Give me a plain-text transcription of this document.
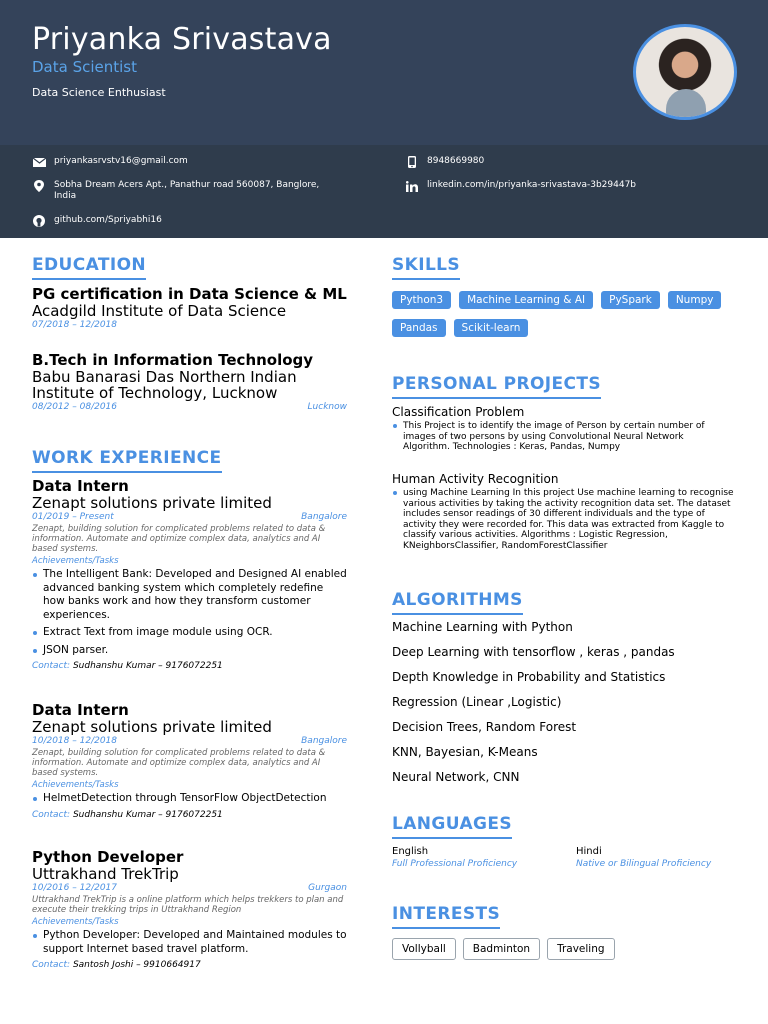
Priyanka Srivastava
Data Scientist
Data Science Enthusiast
priyankasrvstv16@gmail.com
Sobha Dream Acers Apt., Panathur road 560087, Banglore, India
github.com/Spriyabhi16
8948669980
linkedin.com/in/priyanka-srivastava-3b29447b
EDUCATION
PG certification in Data Science & ML
Acadgild Institute of Data Science
07/2018 – 12/2018
B.Tech in Information Technology
Babu Banarasi Das Northern Indian Institute of Technology, Lucknow
08/2012 – 08/2016	Lucknow
WORK EXPERIENCE
Data Intern
Zenapt solutions private limited
01/2019 – Present	Bangalore
Zenapt, building solution for complicated problems related to data & information. Automate and optimize complex data, analytics and AI based systems.
Achievements/Tasks
The Intelligent Bank: Developed and Designed AI enabled advanced banking system which completely redefine how banks work and how they transform customer experiences.
Extract Text from image module using OCR.
JSON parser.
Contact: Sudhanshu Kumar – 9176072251
Data Intern
Zenapt solutions private limited
10/2018 – 12/2018	Bangalore
Zenapt, building solution for complicated problems related to data & information. Automate and optimize complex data, analytics and AI based systems.
Achievements/Tasks
HelmetDetection through TensorFlow ObjectDetection
Contact: Sudhanshu Kumar – 9176072251
Python Developer
Uttrakhand TrekTrip
10/2016 – 12/2017	Gurgaon
Uttrakhand TrekTrip is a online platform which helps trekkers to plan and execute their trekking trips in Uttrakhand Region
Achievements/Tasks
Python Developer: Developed and Maintained modules to support Internet based travel platform.
Contact: Santosh Joshi – 9910664917
SKILLS
Python3	Machine Learning & AI	PySpark	Numpy
Pandas	Scikit-learn
PERSONAL PROJECTS
Classification Problem
This Project is to identify the image of Person by certain number of images of two persons by using Convolutional Neural Network Algorithm. Technologies : Keras, Pandas, Numpy
Human Activity Recognition
using Machine Learning In this project Use machine learning to recognise various activities by taking the activity recognition data set. The dataset includes sensor readings of 30 different individuals and the type of activity they were recorded for. This data was extracted from Kaggle to classify various activities. Algorithms : Logistic Regression, KNeighborsClassifier, RandomForestClassifier
ALGORITHMS
Machine Learning with Python
Deep Learning with tensorflow , keras , pandas
Depth Knowledge in Probability and Statistics
Regression (Linear ,Logistic)
Decision Trees, Random Forest
KNN, Bayesian, K-Means
Neural Network, CNN
LANGUAGES
English
Full Professional Proficiency
Hindi
Native or Bilingual Proficiency
INTERESTS
Vollyball	Badminton	Traveling
